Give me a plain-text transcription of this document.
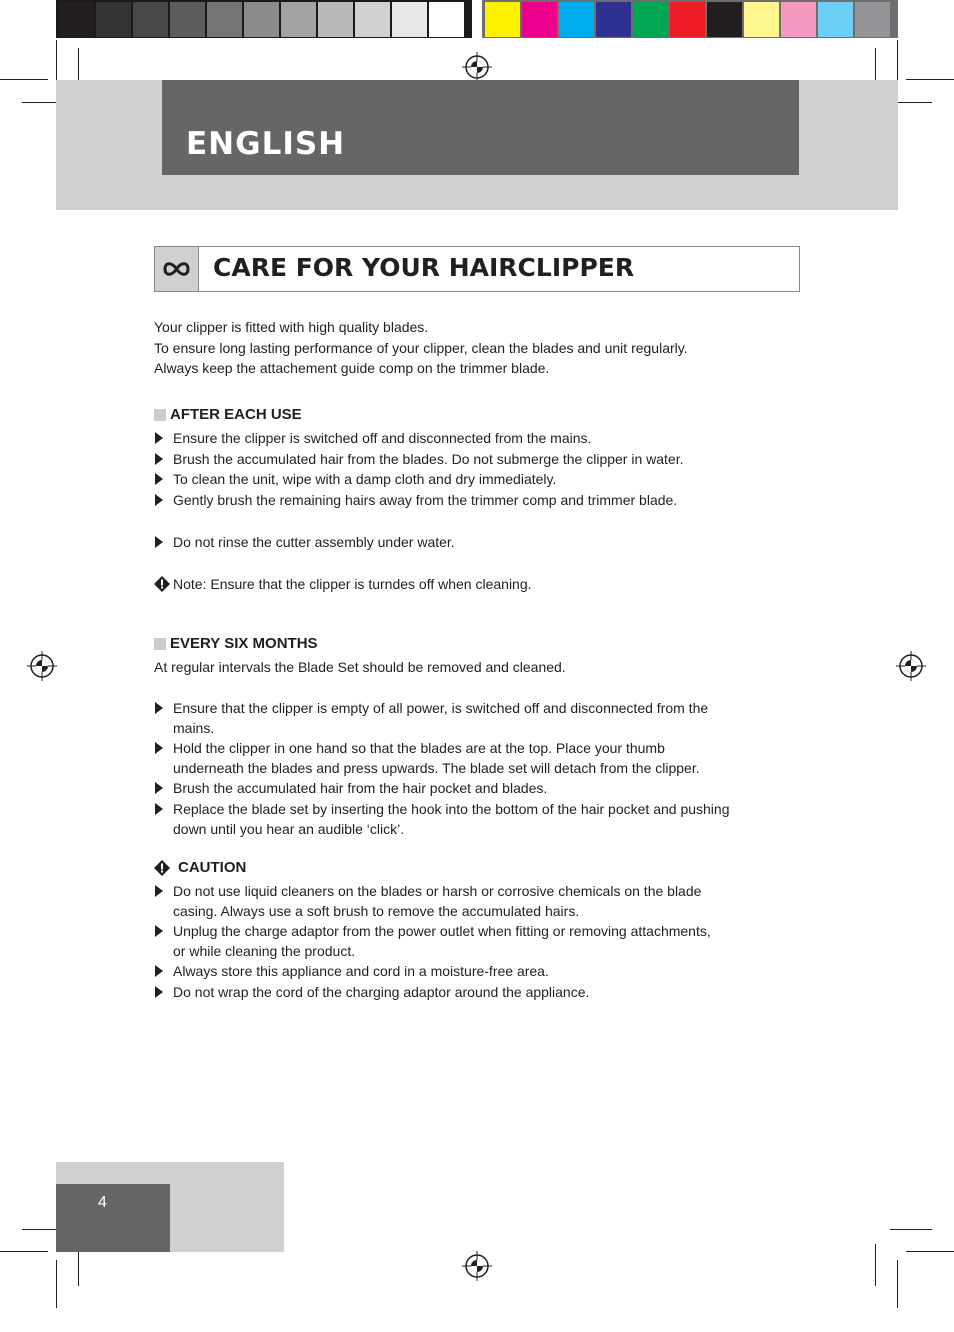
ENGLISH
CARE FOR YOUR HAIRCLIPPER
Your clipper is fitted with high quality blades.
To ensure long lasting performance of your clipper, clean the blades and unit regularly.
Always keep the attachement guide comp on the trimmer blade.
AFTER EACH USE
Ensure the clipper is switched off and disconnected from the mains.
Brush the accumulated hair from the blades. Do not submerge the clipper in water.
To clean the unit, wipe with a damp cloth and dry immediately.
Gently brush the remaining hairs away from the trimmer comp and trimmer blade.
Do not rinse the cutter assembly under water.
Note: Ensure that the clipper is turndes off when cleaning.
EVERY SIX MONTHS
At regular intervals the Blade Set should be removed and cleaned.
Ensure that the clipper is empty of all power, is switched off and disconnected from the
mains.
Hold the clipper in one hand so that the blades are at the top. Place your thumb
underneath the blades and press upwards. The blade set will detach from the clipper.
Brush the accumulated hair from the hair pocket and blades.
Replace the blade set by inserting the hook into the bottom of the hair pocket and pushing
down until you hear an audible ‘click’.
CAUTION
Do not use liquid cleaners on the blades or harsh or corrosive chemicals on the blade
casing. Always use a soft brush to remove the accumulated hairs.
Unplug the charge adaptor from the power outlet when fitting or removing attachments,
or while cleaning the product.
Always store this appliance and cord in a moisture-free area.
Do not wrap the cord of the charging adaptor around the appliance.
4
